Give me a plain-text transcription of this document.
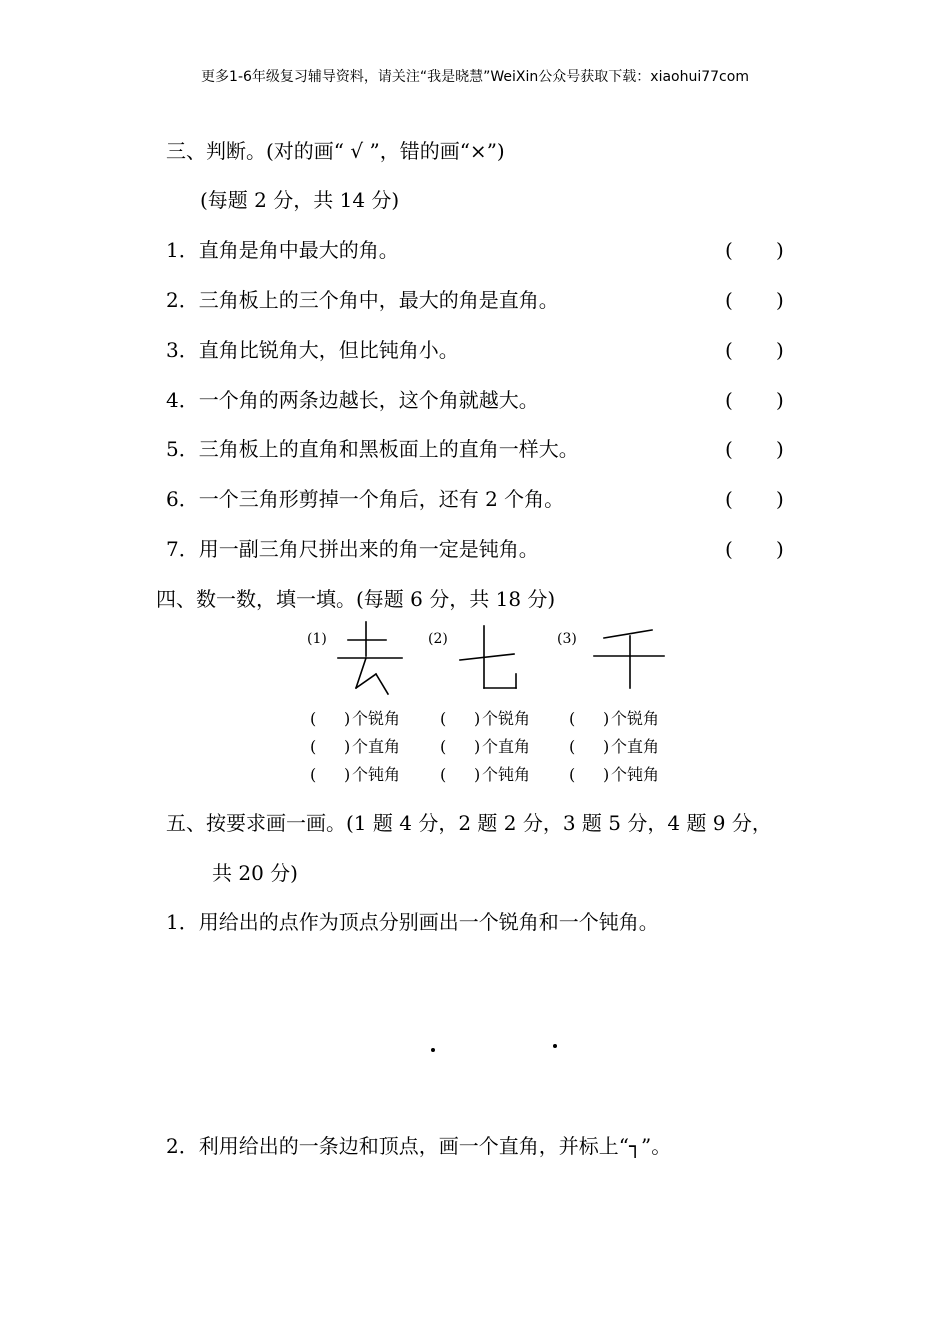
更多1-6年级复习辅导资料，请关注“我是晓慧”WeiXin公众号获取下载：xiaohui77com
三、判断。(对的画“ √ ”，错的画“×”)
(每题 2 分，共 14 分)
1．直角是角中最大的角。	( )
2．三角板上的三个角中，最大的角是直角。	( )
3．直角比锐角大，但比钝角小。	( )
4．一个角的两条边越长，这个角就越大。	( )
5．三角板上的直角和黑板面上的直角一样大。	( )
6．一个三角形剪掉一个角后，还有 2 个角。	( )
7．用一副三角尺拼出来的角一定是钝角。	( )
四、数一数，填一填。(每题 6 分，共 18 分)
(1)	(2)	(3)
( ) 个锐角 ( ) 个锐角 ( ) 个锐角
( ) 个直角 ( ) 个直角 ( ) 个直角
( ) 个钝角 ( ) 个钝角 ( ) 个钝角
五、按要求画一画。(1 题 4 分，2 题 2 分，3 题 5 分，4 题 9 分，
共 20 分)
1．用给出的点作为顶点分别画出一个锐角和一个钝角。
2．利用给出的一条边和顶点，画一个直角，并标上“┐”。
